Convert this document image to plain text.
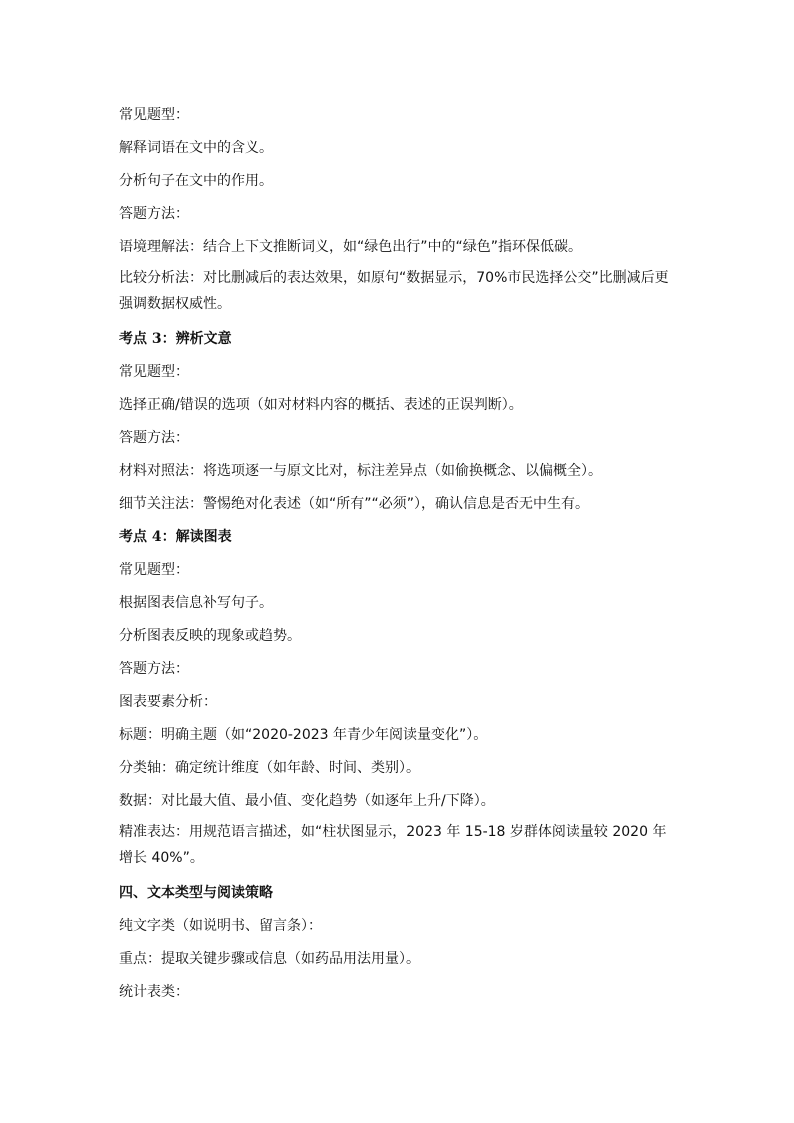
常见题型：

解释词语在文中的含义。

分析句子在文中的作用。

答题方法：

语境理解法：结合上下文推断词义，如“绿色出行”中的“绿色”指环保低碳。

比较分析法：对比删减后的表达效果，如原句“数据显示，70%市民选择公交”比删减后更强调数据权威性。

考点 3：辨析文意

常见题型：

选择正确/错误的选项（如对材料内容的概括、表述的正误判断）。

答题方法：

材料对照法：将选项逐一与原文比对，标注差异点（如偷换概念、以偏概全）。

细节关注法：警惕绝对化表述（如“所有”“必须”），确认信息是否无中生有。

考点 4：解读图表

常见题型：

根据图表信息补写句子。

分析图表反映的现象或趋势。

答题方法：

图表要素分析：

标题：明确主题（如“2020-2023 年青少年阅读量变化”）。

分类轴：确定统计维度（如年龄、时间、类别）。

数据：对比最大值、最小值、变化趋势（如逐年上升/下降）。

精准表达：用规范语言描述，如“柱状图显示，2023 年 15-18 岁群体阅读量较 2020 年增长 40%”。

四、文本类型与阅读策略

纯文字类（如说明书、留言条）：

重点：提取关键步骤或信息（如药品用法用量）。

统计表类：
